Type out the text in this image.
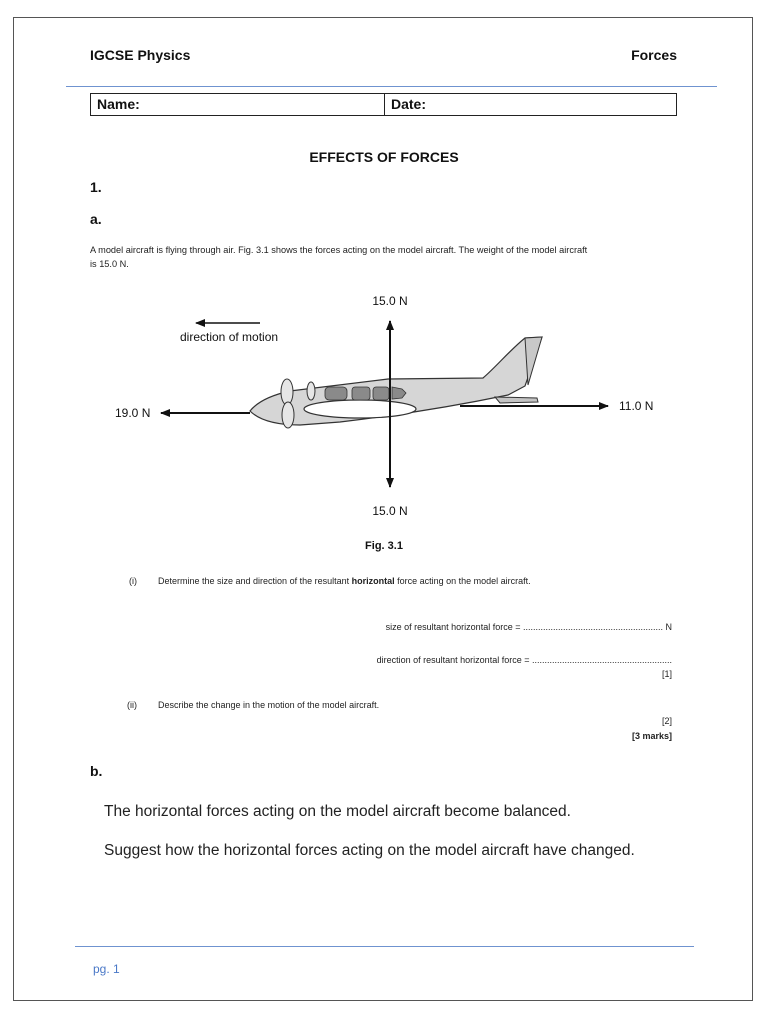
IGCSE Physics	Forces
Name:	Date:
EFFECTS OF FORCES
1.
a.
A model aircraft is flying through air. Fig. 3.1 shows the forces acting on the model aircraft. The weight of the model aircraft
is 15.0 N.
15.0 N
15.0 N
19.0 N	11.0 N
direction of motion
Fig. 3.1
(i) Determine the size and direction of the resultant horizontal force acting on the model aircraft.
size of resultant horizontal force = ........................................................ N
direction of resultant horizontal force = ........................................................
[1]
(ii) Describe the change in the motion of the model aircraft.
[2]
[3 marks]
b.
The horizontal forces acting on the model aircraft become balanced.
Suggest how the horizontal forces acting on the model aircraft have changed.
pg. 1
